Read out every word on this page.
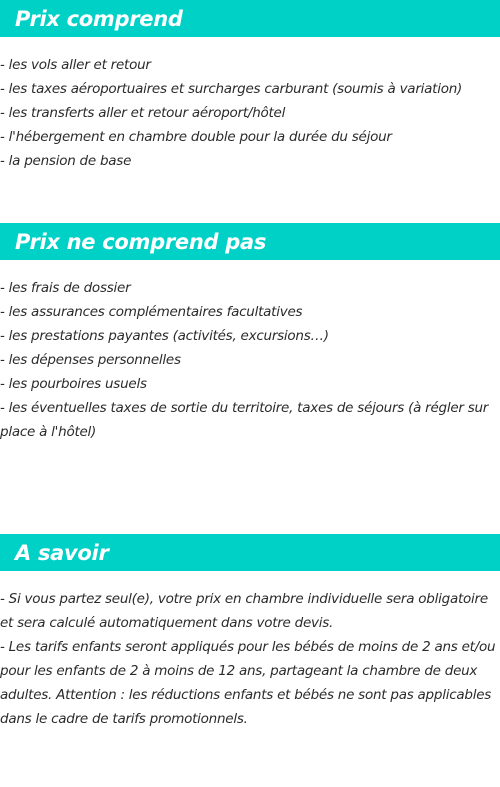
Prix comprend
- les vols aller et retour
- les taxes aéroportuaires et surcharges carburant (soumis à variation)
- les transferts aller et retour aéroport/hôtel
- l'hébergement en chambre double pour la durée du séjour
- la pension de base
Prix ne comprend pas
- les frais de dossier
- les assurances complémentaires facultatives
- les prestations payantes (activités, excursions…)
- les dépenses personnelles
- les pourboires usuels
- les éventuelles taxes de sortie du territoire, taxes de séjours (à régler sur place à l'hôtel)
A savoir
- Si vous partez seul(e), votre prix en chambre individuelle sera obligatoire et sera calculé automatiquement dans votre devis.
- Les tarifs enfants seront appliqués pour les bébés de moins de 2 ans et/ou pour les enfants de 2 à moins de 12 ans, partageant la chambre de deux adultes. Attention : les réductions enfants et bébés ne sont pas applicables dans le cadre de tarifs promotionnels.
